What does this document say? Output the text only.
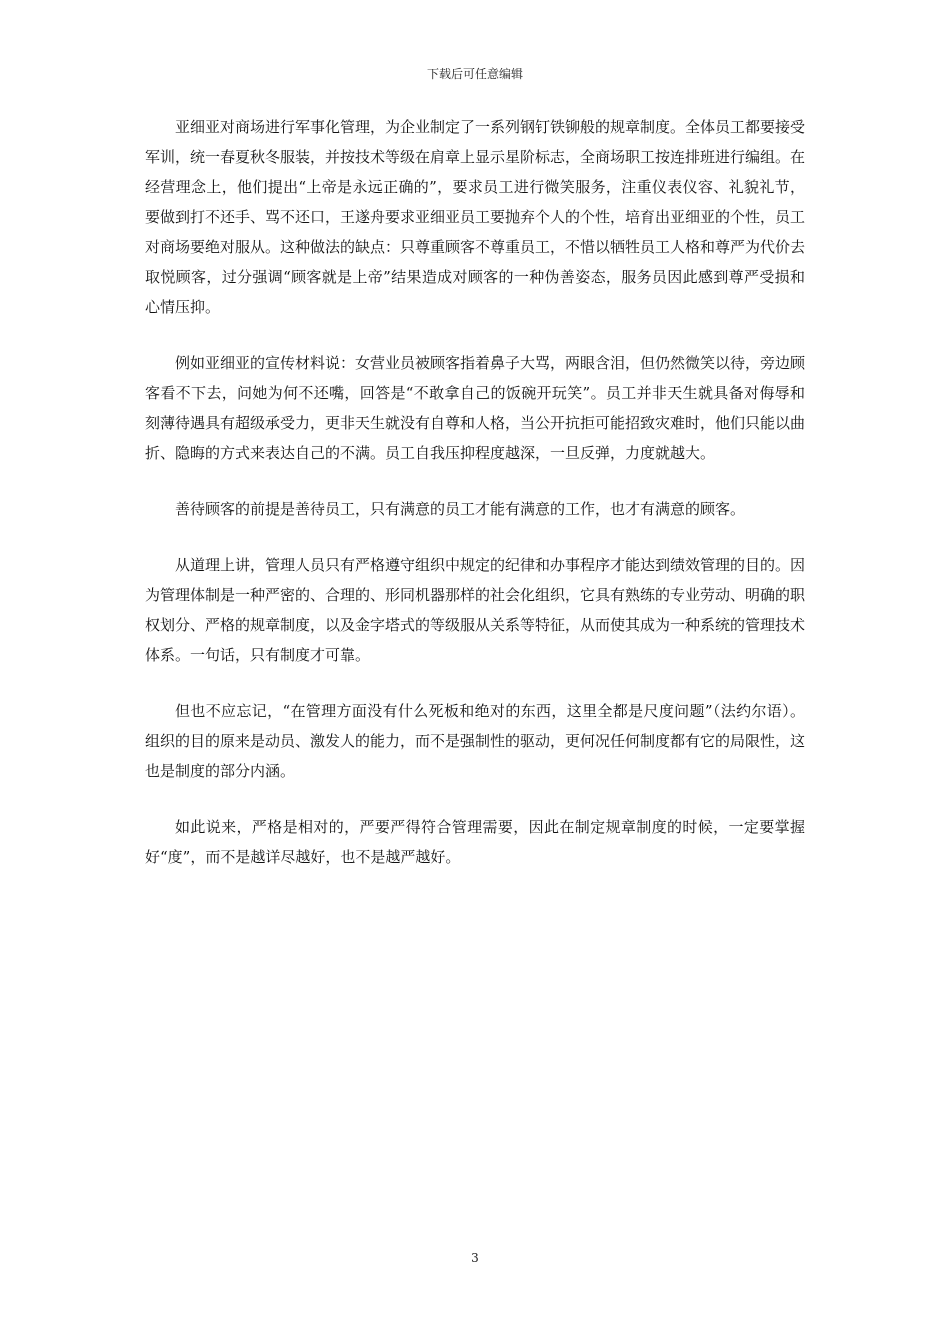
下载后可任意编辑

亚细亚对商场进行军事化管理，为企业制定了一系列钢钉铁铆般的规章制度。全体员工都要接受军训，统一春夏秋冬服装，并按技术等级在肩章上显示星阶标志，全商场职工按连排班进行编组。在经营理念上，他们提出“上帝是永远正确的”，要求员工进行微笑服务，注重仪表仪容、礼貌礼节，要做到打不还手、骂不还口，王遂舟要求亚细亚员工要抛弃个人的个性，培育出亚细亚的个性，员工对商场要绝对服从。这种做法的缺点：只尊重顾客不尊重员工，不惜以牺牲员工人格和尊严为代价去取悦顾客，过分强调“顾客就是上帝”结果造成对顾客的一种伪善姿态，服务员因此感到尊严受损和心情压抑。

例如亚细亚的宣传材料说：女营业员被顾客指着鼻子大骂，两眼含泪，但仍然微笑以待，旁边顾客看不下去，问她为何不还嘴，回答是“不敢拿自己的饭碗开玩笑”。员工并非天生就具备对侮辱和刻薄待遇具有超级承受力，更非天生就没有自尊和人格，当公开抗拒可能招致灾难时，他们只能以曲折、隐晦的方式来表达自己的不满。员工自我压抑程度越深，一旦反弹，力度就越大。

善待顾客的前提是善待员工，只有满意的员工才能有满意的工作，也才有满意的顾客。

从道理上讲，管理人员只有严格遵守组织中规定的纪律和办事程序才能达到绩效管理的目的。因为管理体制是一种严密的、合理的、形同机器那样的社会化组织，它具有熟练的专业劳动、明确的职权划分、严格的规章制度，以及金字塔式的等级服从关系等特征，从而使其成为一种系统的管理技术体系。一句话，只有制度才可靠。

但也不应忘记，“在管理方面没有什么死板和绝对的东西，这里全都是尺度问题”（法约尔语）。组织的目的原来是动员、激发人的能力，而不是强制性的驱动，更何况任何制度都有它的局限性，这也是制度的部分内涵。

如此说来，严格是相对的，严要严得符合管理需要，因此在制定规章制度的时候，一定要掌握好“度”，而不是越详尽越好，也不是越严越好。

3
